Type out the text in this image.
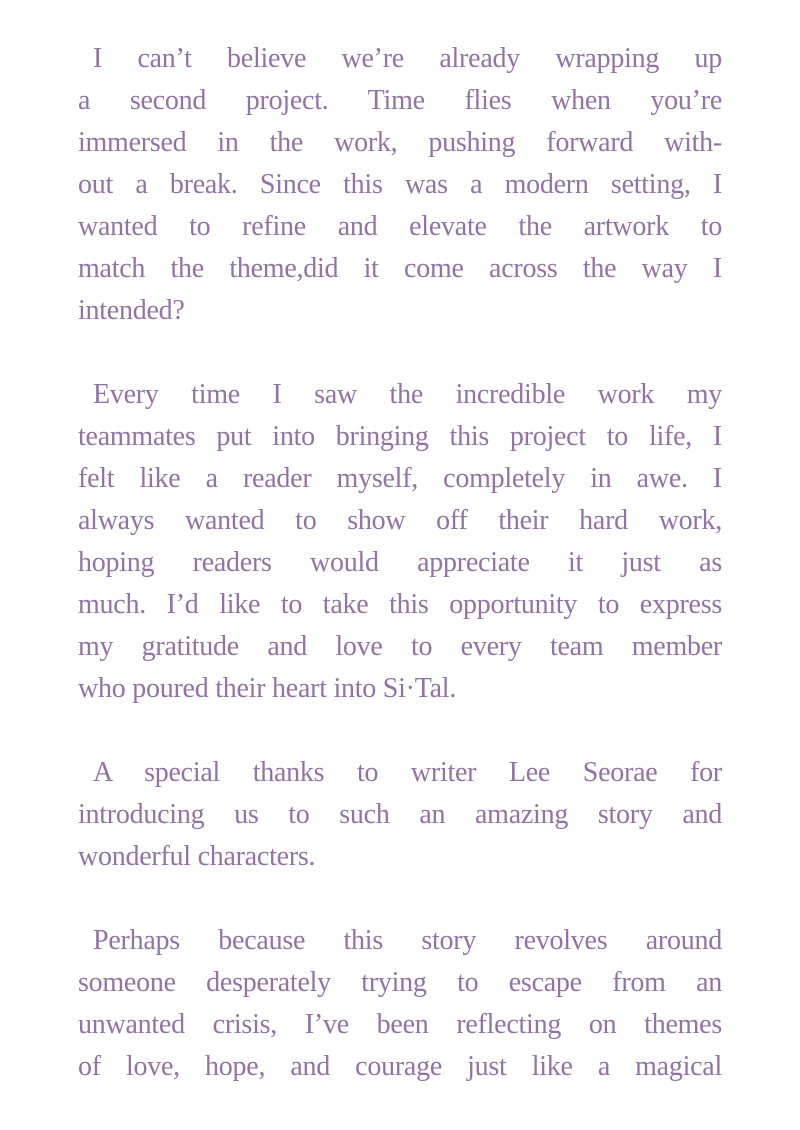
I can’t believe we’re already wrapping up
a second project. Time flies when you’re
immersed in the work, pushing forward with-
out a break. Since this was a modern setting, I
wanted to refine and elevate the artwork to
match the theme,did it come across the way I
intended?
Every time I saw the incredible work my
teammates put into bringing this project to life, I
felt like a reader myself, completely in awe. I
always wanted to show off their hard work,
hoping readers would appreciate it just as
much. I’d like to take this opportunity to express
my gratitude and love to every team member
who poured their heart into Si·Tal.
A special thanks to writer Lee Seorae for
introducing us to such an amazing story and
wonderful characters.
Perhaps because this story revolves around
someone desperately trying to escape from an
unwanted crisis, I’ve been reflecting on themes
of love, hope, and courage just like a magical
